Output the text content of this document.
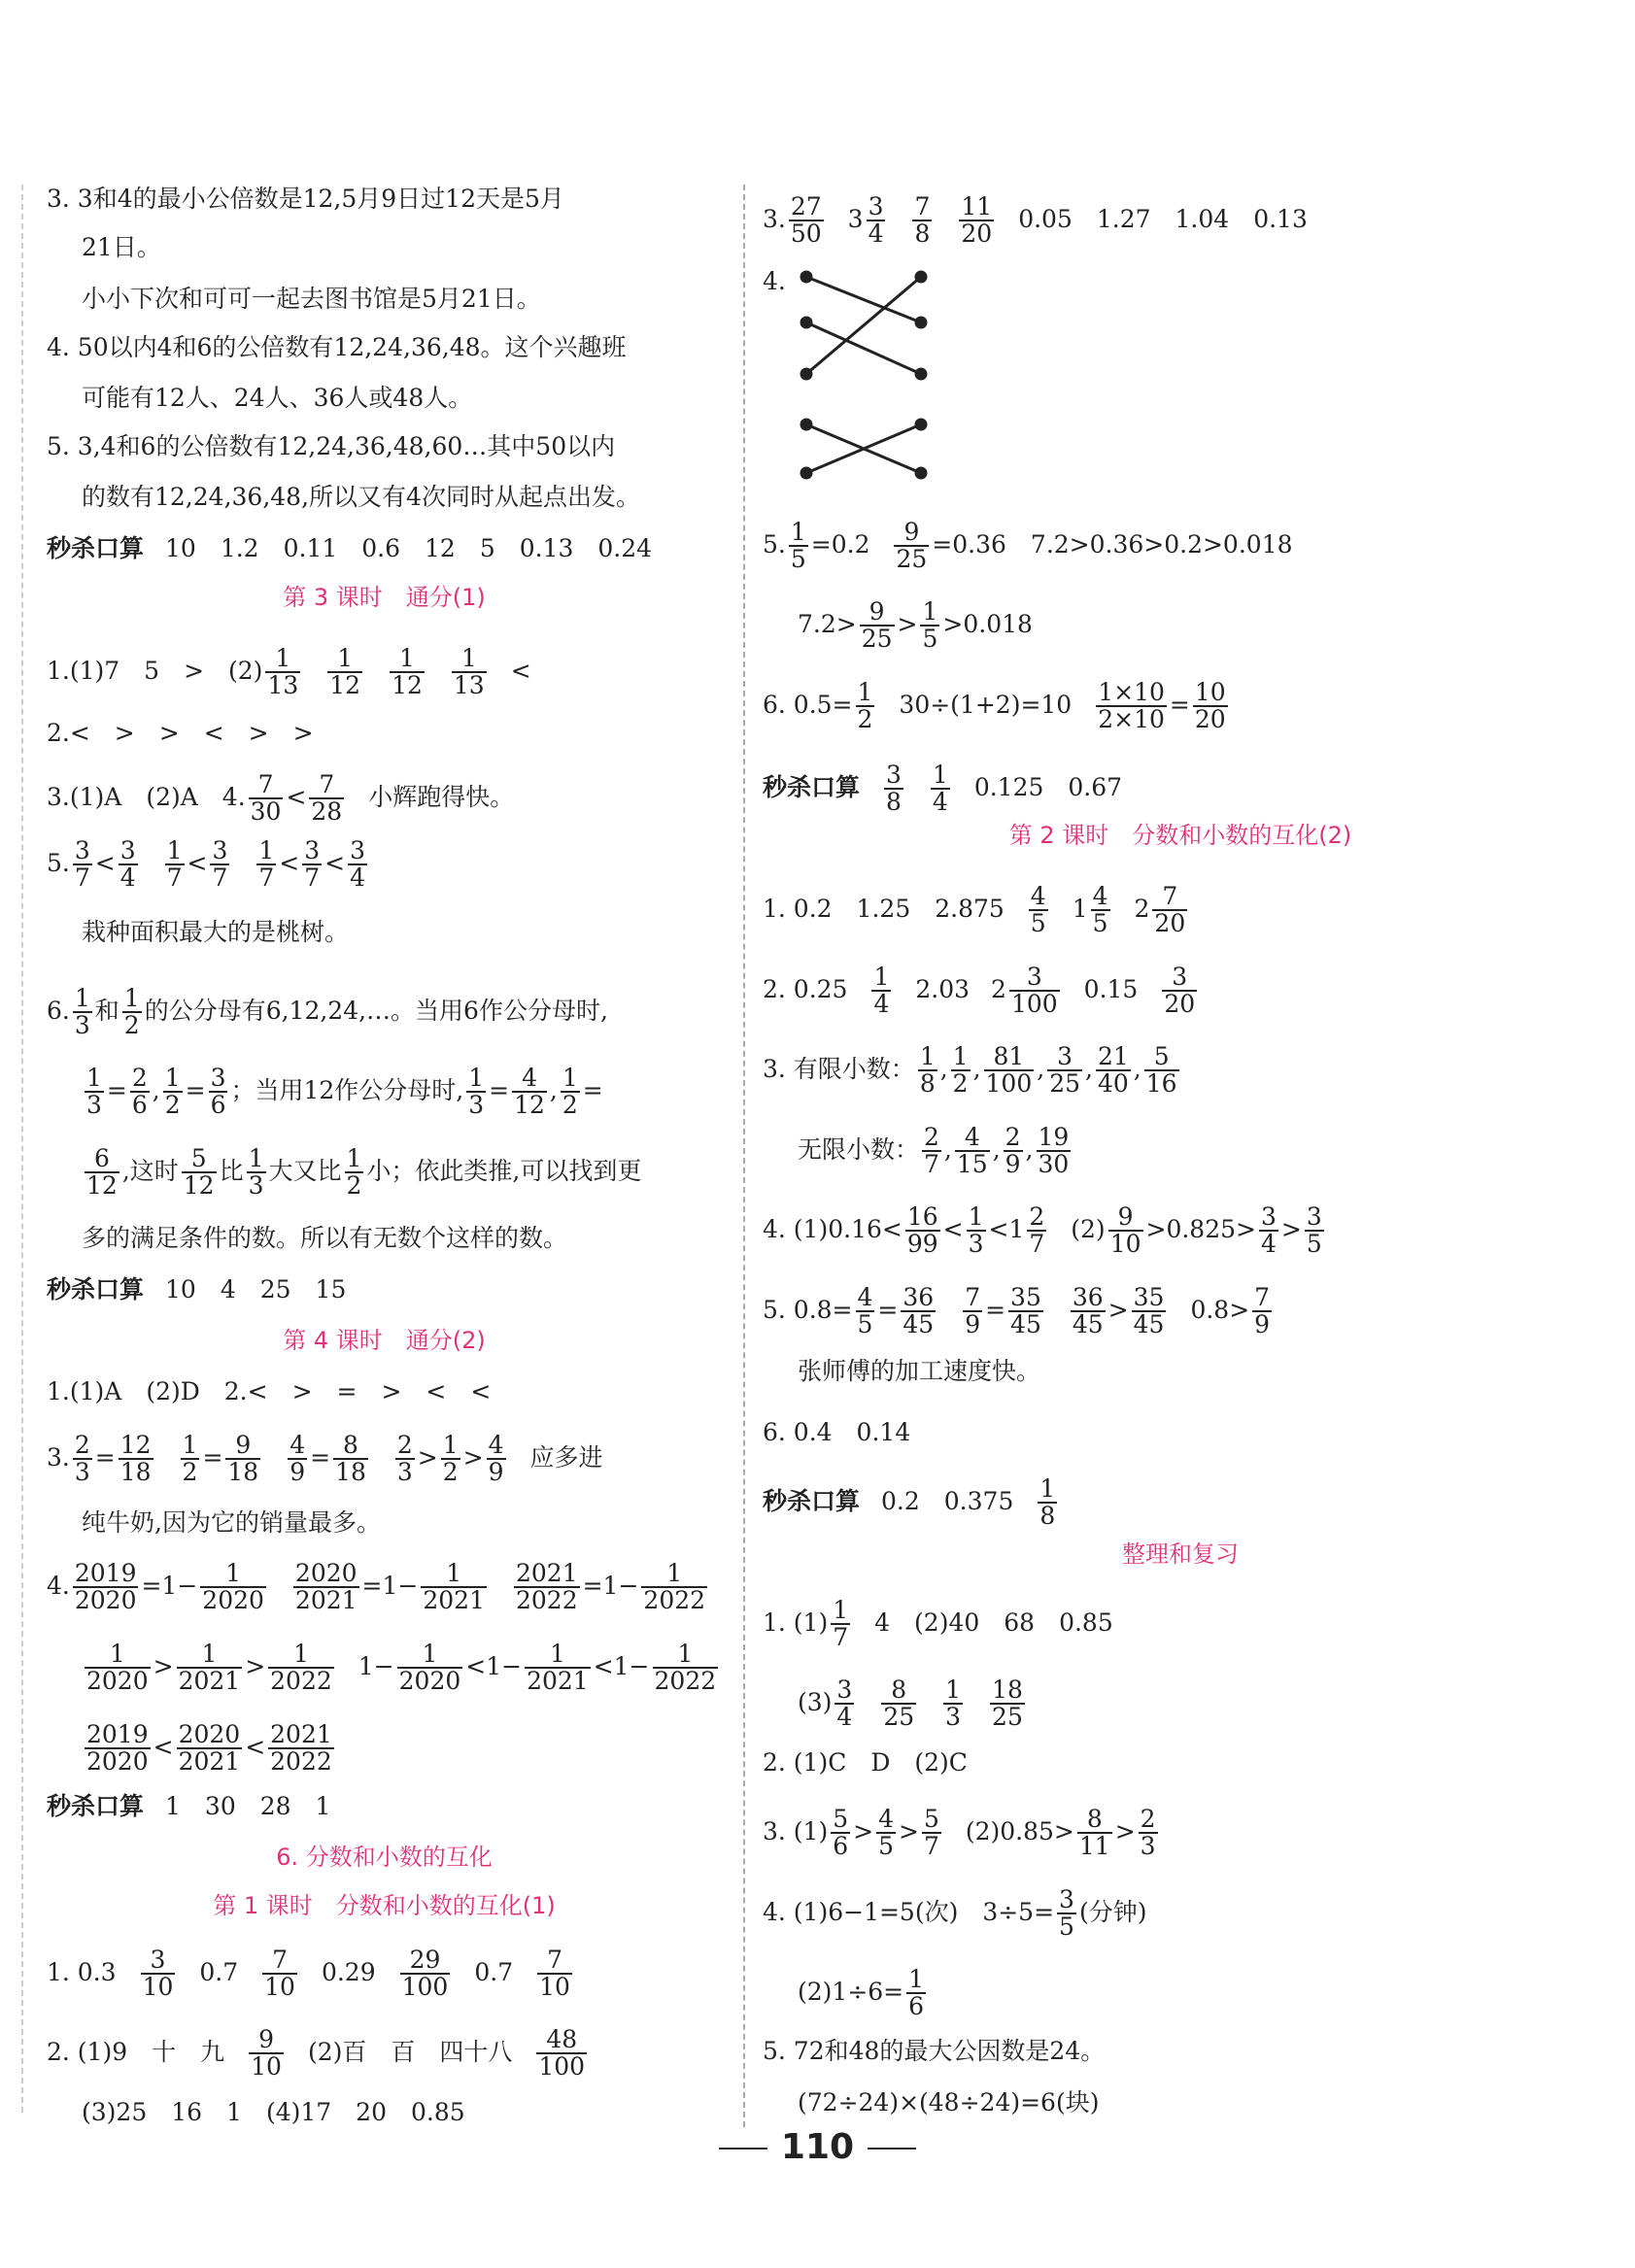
3. 3和4的最小公倍数是12,5月9日过12天是5月
21日。
小小下次和可可一起去图书馆是5月21日。
4. 50以内4和6的公倍数有12,24,36,48。这个兴趣班
可能有12人、24人、36人或48人。
5. 3,4和6的公倍数有12,24,36,48,60…其中50以内
的数有12,24,36,48,所以又有4次同时从起点出发。
秒杀口算 10　1.2　0.11　0.6　12　5　0.13　0.24
第 3 课时　通分(1)
1.(1)7　5　>　$(2) \frac{1}{13} \frac{1}{12} \frac{1}{12} \frac{1}{13}$ <
2.<　>　>　<　>　>
3.(1)A　(2)A　4. $\frac{7}{30} < \frac{7}{28}$ 小辉跑得快。
5. $\frac{3}{7} < \frac{3}{4} \frac{1}{7} < \frac{3}{7} \frac{1}{7} < \frac{3}{7} < \frac{3}{4}$
栽种面积最大的是桃树。
6. $\frac{1}{3}$ 和 $\frac{1}{2}$ 的公分母有6,12,24,…。当用6作公分母时,
$\frac{1}{3} = \frac{2}{6}$ , $\frac{1}{2} = \frac{3}{6}$ ；当用12作公分母时, $\frac{1}{3} = \frac{4}{12}$ , $\frac{1}{2}$ =
$\frac{6}{12}$ ,这时 $\frac{5}{12}$ 比 $\frac{1}{3}$ 大又比 $\frac{1}{2}$ 小；依此类推,可以找到更
多的满足条件的数。所以有无数个这样的数。
秒杀口算 10　4　25　15
第 4 课时　通分(2)
1.(1)A　(2)D　2.<　>　=　>　<　<
3. $\frac{2}{3} = \frac{12}{18} \frac{1}{2} = \frac{9}{18} \frac{4}{9} = \frac{8}{18} \frac{2}{3} > \frac{1}{2} > \frac{4}{9}$ 应多进
纯牛奶,因为它的销量最多。
4. $\frac{2019}{2020} =1- \frac{1}{2020} \frac{2020}{2021} =1- \frac{1}{2021} \frac{2021}{2022} =1- \frac{1}{2022}$
$\frac{1}{2020} > \frac{1}{2021} > \frac{1}{2022} 1- \frac{1}{2020} <1- \frac{1}{2021} <1- \frac{1}{2022}$
$\frac{2019}{2020} < \frac{2020}{2021} < \frac{2021}{2022}$
秒杀口算 1　30　28　1
6. 分数和小数的互化
第 1 课时　分数和小数的互化(1)
1. $0.3 \frac{3}{10} 0.7 \frac{7}{10} 0.29 \frac{29}{100} 0.7 \frac{7}{10}$
2. (1)9　十　九 $\frac{9}{10} (2)$百　百　四十八 $\frac{48}{100}$
(3)25　16　1　(4)17　20　0.85
3. $\frac{27}{50} 3 \frac{3}{4} \frac{7}{8} \frac{11}{20} 0.05$　1.27　1.04　0.13
4.
5. $\frac{1}{5} =0.2 \frac{9}{25} =0.36$　7.2>0.36>0.2>0.018
$7.2> \frac{9}{25} > \frac{1}{5} >0.018$
6. $0.5= \frac{1}{2} 30\div(1+2)=10 \frac{1\times 10}{2\times 10} = \frac{10}{20}$
秒杀口算 $\frac{3}{8} \frac{1}{4} 0.125$　0.67
第 2 课时　分数和小数的互化(2)
1. 0.2　1.25　$2.875 \frac{4}{5} 1 \frac{4}{5} 2 \frac{7}{20}$
2. $0.25 \frac{1}{4} 2.03$ $2 \frac{3}{100} 0.15 \frac{3}{20}$
3. 有限小数： $\frac{1}{8}$ , $\frac{1}{2}$ , $\frac{81}{100}$ , $\frac{3}{25}$ , $\frac{21}{40}$ , $\frac{5}{16}$
无限小数： $\frac{2}{7}$ , $\frac{4}{15}$ , $\frac{2}{9}$ , $\frac{19}{30}$
4. $(1)0.16< \frac{16}{99} < \frac{1}{3} <1 \frac{2}{7} (2) \frac{9}{10} >0.825> \frac{3}{4} > \frac{3}{5}$
5. $0.8= \frac{4}{5} = \frac{36}{45} \frac{7}{9} = \frac{35}{45} \frac{36}{45} > \frac{35}{45} 0.8> \frac{7}{9}$
张师傅的加工速度快。
6. 0.4　0.14
秒杀口算 0.2　$0.375 \frac{1}{8}$
整理和复习
1. $(1) \frac{1}{7} 4$　(2)40　68　0.85
$(3) \frac{3}{4} \frac{8}{25} \frac{1}{3} \frac{18}{25}$
2. (1)C　D　(2)C
3. $(1) \frac{5}{6} > \frac{4}{5} > \frac{5}{7} (2)0.85> \frac{8}{11} > \frac{2}{3}$
4. (1)6−1=5(次)　$3\div 5= \frac{3}{5}$ (分钟)
$(2)1\div 6= \frac{1}{6}$
5. 72和48的最大公因数是24。
(72÷24)×(48÷24)=6(块)
110
